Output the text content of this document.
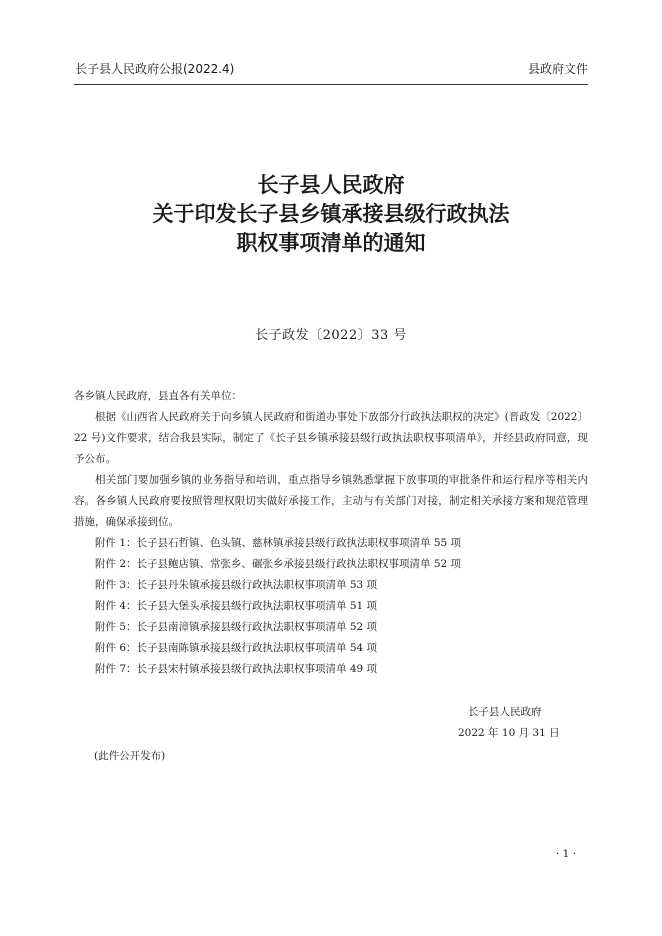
长子县人民政府公报(2022.4)	县政府文件
长子县人民政府
关于印发长子县乡镇承接县级行政执法
职权事项清单的通知
长子政发〔2022〕33 号

各乡镇人民政府，县直各有关单位：

根据《山西省人民政府关于向乡镇人民政府和街道办事处下放部分行政执法职权的决定》(晋政发〔2022〕22 号)文件要求，结合我县实际，制定了《长子县乡镇承接县级行政执法职权事项清单》，并经县政府同意，现予公布。

相关部门要加强乡镇的业务指导和培训，重点指导乡镇熟悉掌握下放事项的审批条件和运行程序等相关内容。各乡镇人民政府要按照管理权限切实做好承接工作，主动与有关部门对接，制定相关承接方案和规范管理措施，确保承接到位。

附件 1：长子县石哲镇、色头镇、慈林镇承接县级行政执法职权事项清单 55 项
附件 2：长子县鲍店镇、常张乡、碾张乡承接县级行政执法职权事项清单 52 项
附件 3：长子县丹朱镇承接县级行政执法职权事项清单 53 项
附件 4：长子县大堡头承接县级行政执法职权事项清单 51 项
附件 5：长子县南漳镇承接县级行政执法职权事项清单 52 项
附件 6：长子县南陈镇承接县级行政执法职权事项清单 54 项
附件 7：长子县宋村镇承接县级行政执法职权事项清单 49 项
长子县人民政府
2022 年 10 月 31 日
(此件公开发布)
· 1 ·
